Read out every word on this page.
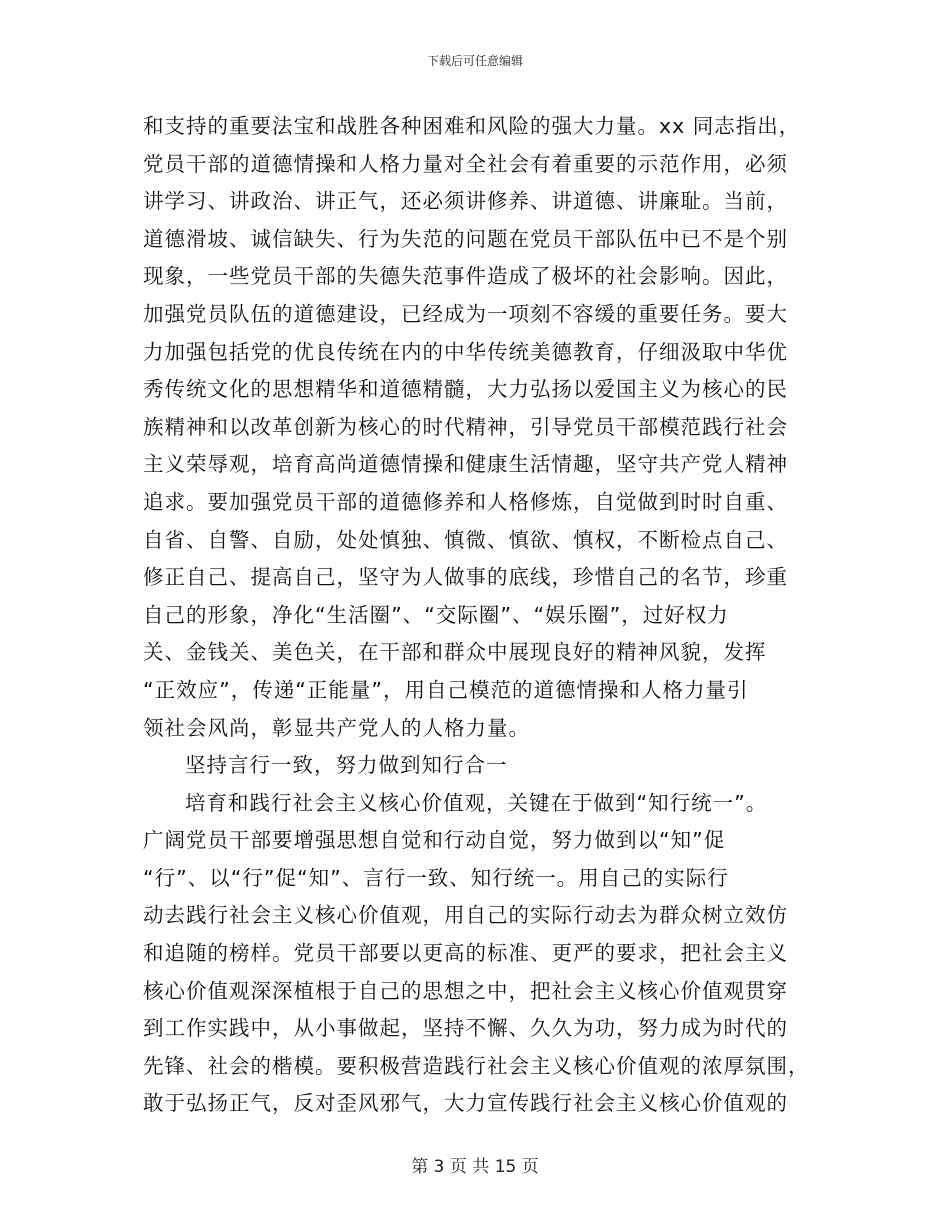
下载后可任意编辑
和支持的重要法宝和战胜各种困难和风险的强大力量。xx 同志指出，
党员干部的道德情操和人格力量对全社会有着重要的示范作用，必须
讲学习、讲政治、讲正气，还必须讲修养、讲道德、讲廉耻。当前，
道德滑坡、诚信缺失、行为失范的问题在党员干部队伍中已不是个别
现象，一些党员干部的失德失范事件造成了极坏的社会影响。因此，
加强党员队伍的道德建设，已经成为一项刻不容缓的重要任务。要大
力加强包括党的优良传统在内的中华传统美德教育，仔细汲取中华优
秀传统文化的思想精华和道德精髓，大力弘扬以爱国主义为核心的民
族精神和以改革创新为核心的时代精神，引导党员干部模范践行社会
主义荣辱观，培育高尚道德情操和健康生活情趣，坚守共产党人精神
追求。要加强党员干部的道德修养和人格修炼，自觉做到时时自重、
自省、自警、自励，处处慎独、慎微、慎欲、慎权，不断检点自己、
修正自己、提高自己，坚守为人做事的底线，珍惜自己的名节，珍重
自己的形象，净化“生活圈”、“交际圈”、“娱乐圈”，过好权力
关、金钱关、美色关，在干部和群众中展现良好的精神风貌，发挥
“正效应”，传递“正能量”，用自己模范的道德情操和人格力量引
领社会风尚，彰显共产党人的人格力量。
坚持言行一致，努力做到知行合一
培育和践行社会主义核心价值观，关键在于做到“知行统一”。
广阔党员干部要增强思想自觉和行动自觉，努力做到以“知”促
“行”、以“行”促“知”、言行一致、知行统一。用自己的实际行
动去践行社会主义核心价值观，用自己的实际行动去为群众树立效仿
和追随的榜样。党员干部要以更高的标准、更严的要求，把社会主义
核心价值观深深植根于自己的思想之中，把社会主义核心价值观贯穿
到工作实践中，从小事做起，坚持不懈、久久为功，努力成为时代的
先锋、社会的楷模。要积极营造践行社会主义核心价值观的浓厚氛围，
敢于弘扬正气，反对歪风邪气，大力宣传践行社会主义核心价值观的
第 3 页 共 15 页
